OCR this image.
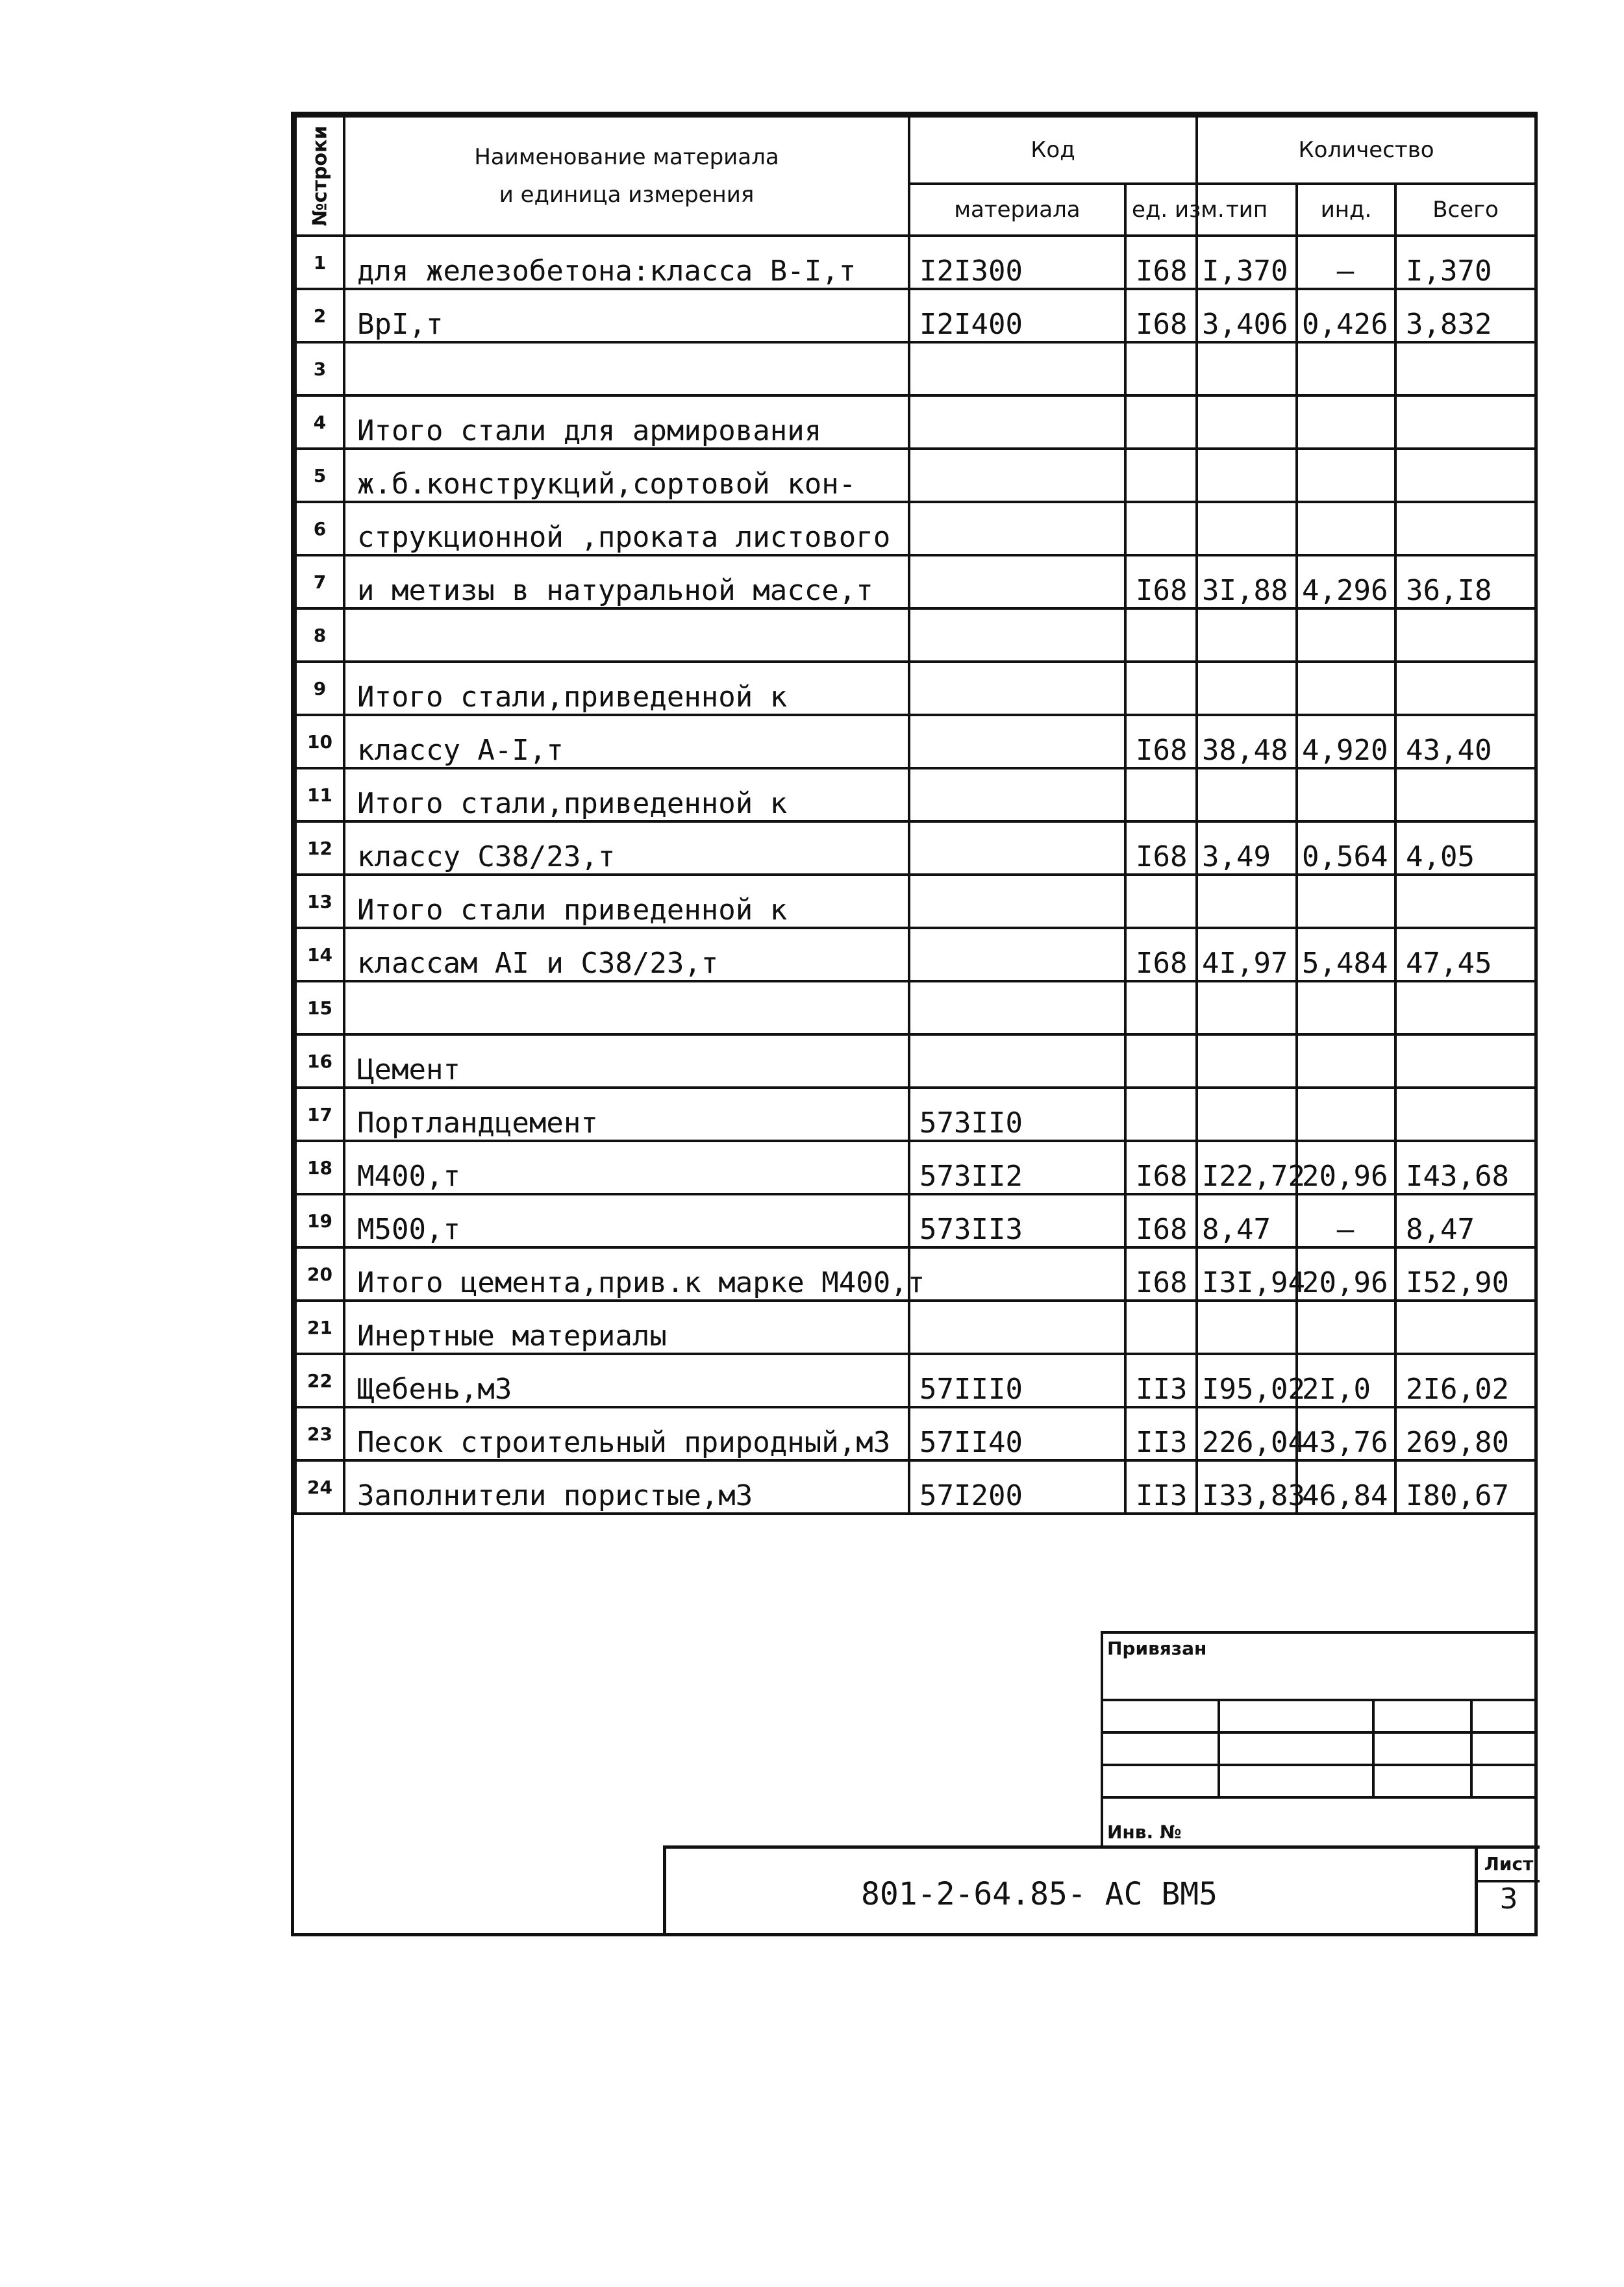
№строки	Наименование материала
и единица измерения	Код		Количество		
		материала	ед. изм.	тип	инд.	Всего
1	для железобетона:класса В-I,т	I2I300	I68	I,370	–	I,370
2	ВрI,т	I2I400	I68	3,406	0,426	3,832
3						
4	Итого стали для армирования					
5	ж.б.конструкций,сортовой кон-					
6	струкционной ,проката листового					
7	и метизы в натуральной массе,т		I68	3I,88	4,296	36,I8
8						
9	Итого стали,приведенной к					
10	классу А-I,т		I68	38,48	4,920	43,40
11	Итого стали,приведенной к					
12	классу С38/23,т		I68	3,49	0,564	4,05
13	Итого стали приведенной к					
14	классам АI и С38/23,т		I68	4I,97	5,484	47,45
15						
16	Цемент					
17	Портландцемент	573II0				
18	М400,т	573II2	I68	I22,72	20,96	I43,68
19	М500,т	573II3	I68	8,47	–	8,47
20	Итого цемента,прив.к марке М400,т		I68	I3I,94	20,96	I52,90
21	Инертные материалы					
22	Щебень,м3	57III0	II3	I95,02	2I,0	2I6,02
23	Песок строительный природный,м3	57II40	II3	226,04	43,76	269,80
24	Заполнители пористые,м3	57I200	II3	I33,83	46,84	I80,67
Привязан
Инв. №
801-2-64.85- АС ВМ5
Лист
3
